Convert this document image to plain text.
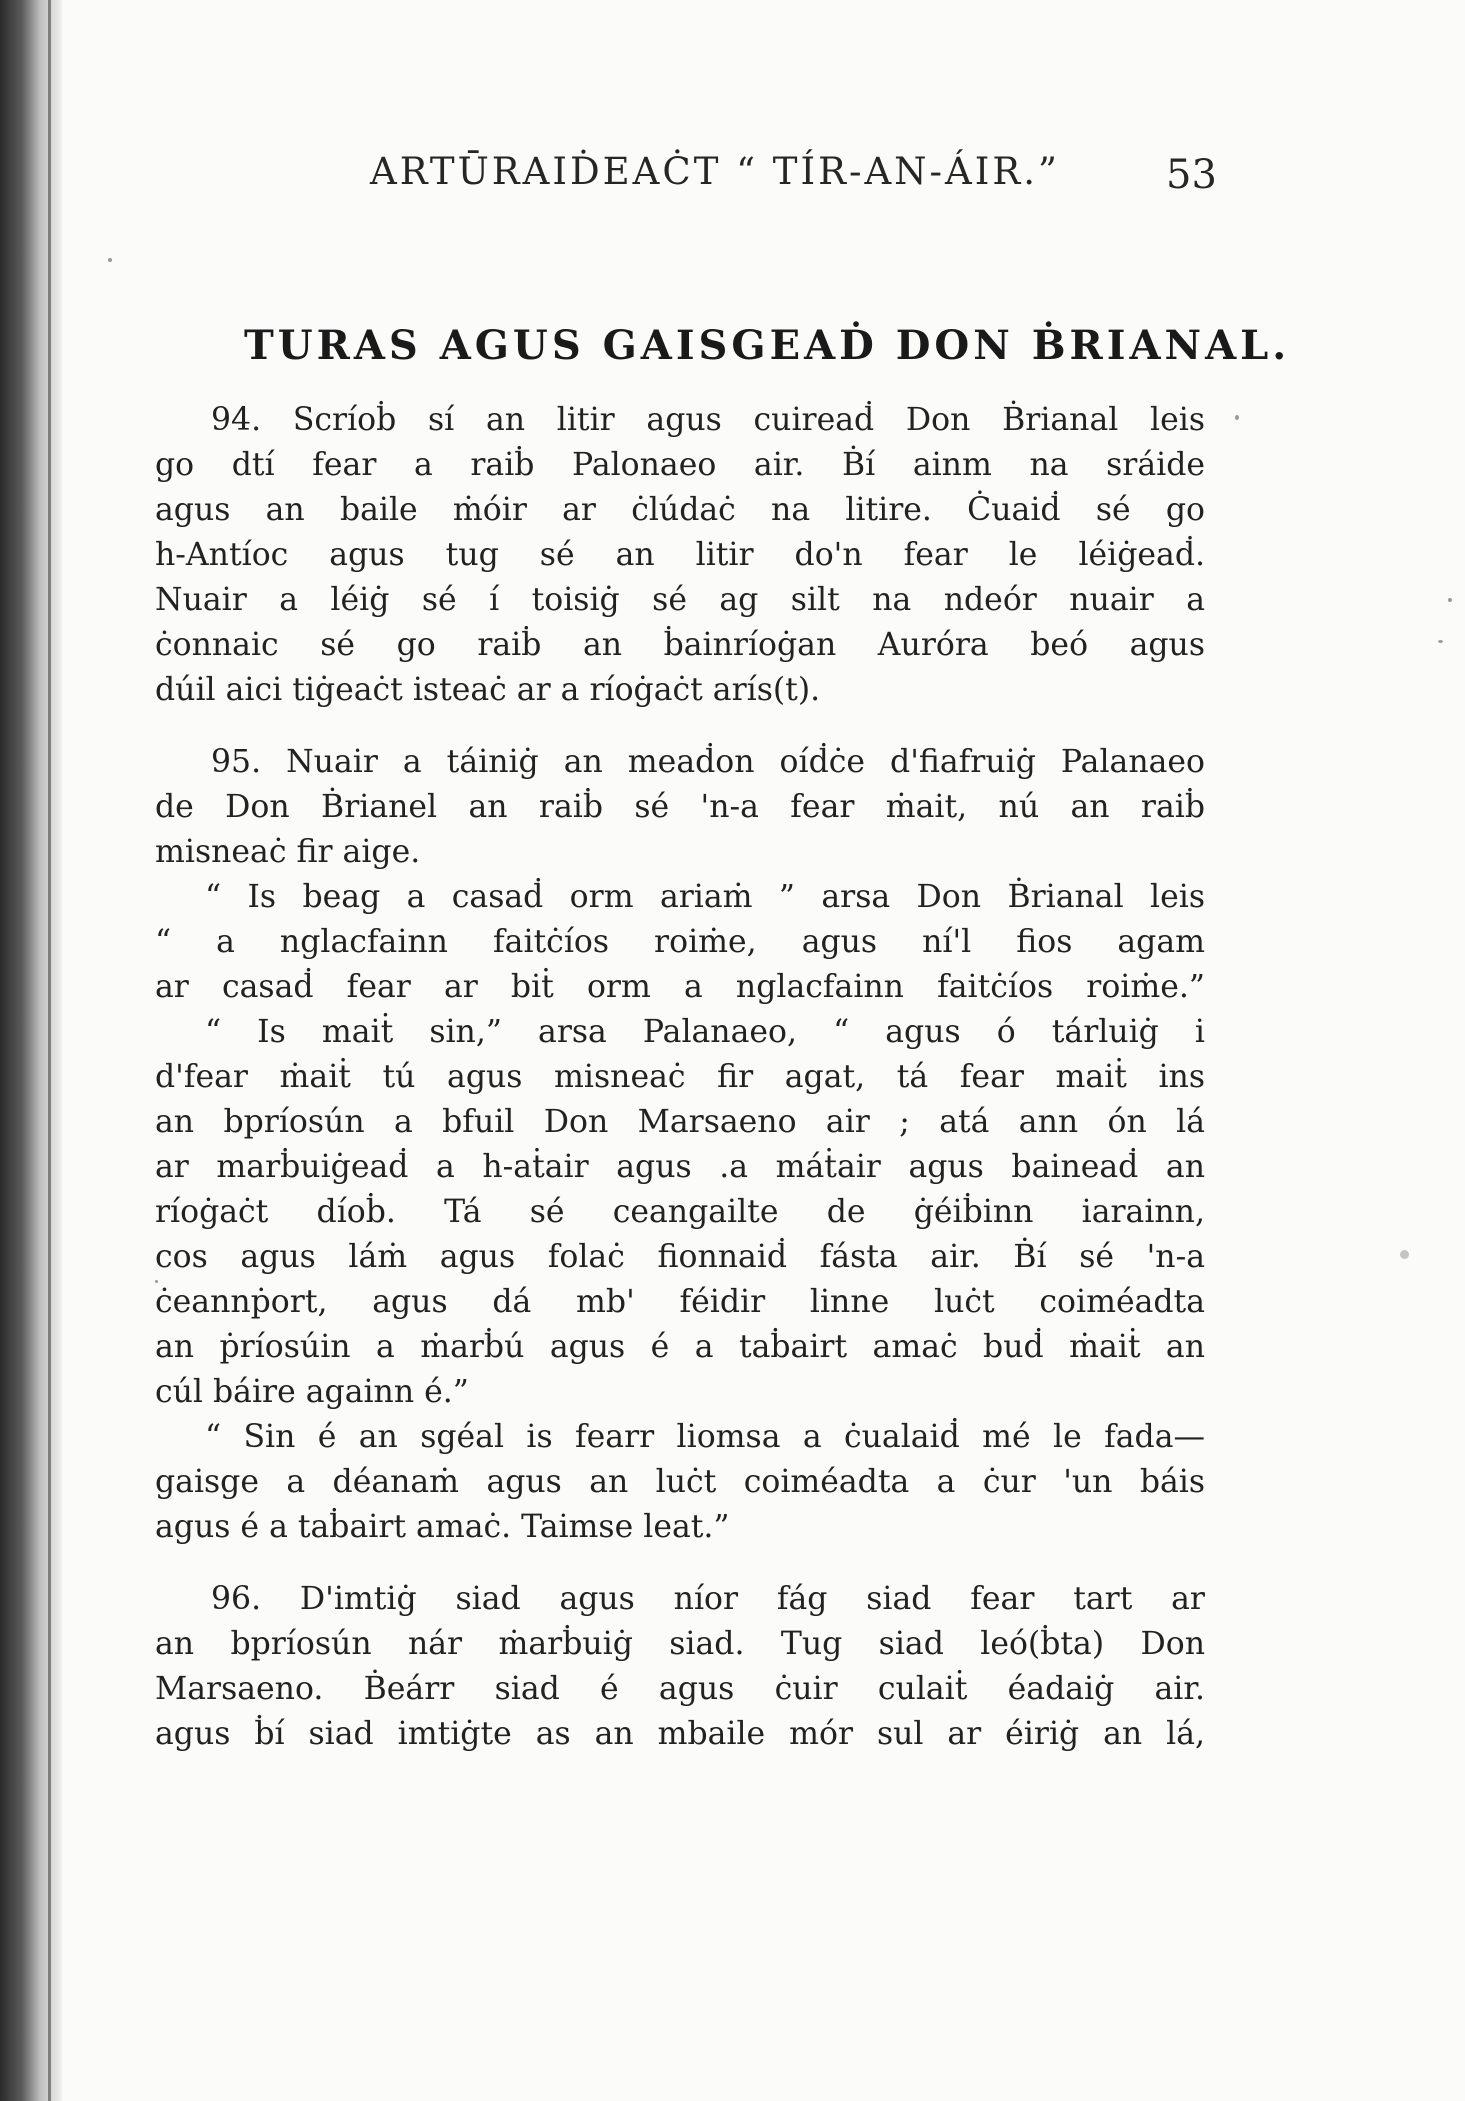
ARTŪRAIḊEAĊT “ TÍR-AN-ÁIR.”	53
TURAS AGUS GAISGEAḊ DON ḂRIANAL.

94. Scríoḃ sí an litir agus cuireaḋ Don Ḃrianal leis
go dtí fear a raiḃ Palonaeo air. Ḃí ainm na sráide
agus an baile ṁóir ar ċlúdaċ na litire. Ċuaiḋ sé go
h-Antíoc agus tug sé an litir do'n fear le léiġeaḋ.
Nuair a léiġ sé í toisiġ sé ag silt na ndeór nuair a
ċonnaic sé go raiḃ an ḃainríoġan Auróra beó agus
dúil aici tiġeaċt isteaċ ar a ríoġaċt arís(t).

95. Nuair a táiniġ an meaḋon oíḋċe d'fiafruiġ Palanaeo
de Don Ḃrianel an raiḃ sé 'n-a fear ṁait, nú an raiḃ
misneaċ fir aige.

“ Is beag a casaḋ orm ariaṁ ” arsa Don Ḃrianal leis
“ a nglacfainn faitċíos roiṁe, agus ní'l fios agam
ar casaḋ fear ar biṫ orm a nglacfainn faitċíos roiṁe.”

“ Is maiṫ sin,” arsa Palanaeo, “ agus ó tárluiġ i
d'fear ṁaiṫ tú agus misneaċ fir agat, tá fear maiṫ ins
an bpríosún a bfuil Don Marsaeno air ; atá ann ón lá
ar marḃuiġeaḋ a h-aṫair agus .a máṫair agus baineaḋ an
ríoġaċt díoḃ. Tá sé ceangailte de ġéiḃinn iarainn,
cos agus láṁ agus folaċ fionnaiḋ fásta air. Ḃí sé 'n-a
ċeannṗort, agus dá mb' féidir linne luċt coiméadta
an ṗríosúin a ṁarḃú agus é a taḃairt amaċ buḋ ṁaiṫ an
cúl báire againn é.”

“ Sin é an sgéal is fearr liomsa a ċualaiḋ mé le fada—
gaisge a déanaṁ agus an luċt coiméadta a ċur 'un báis
agus é a taḃairt amaċ. Taimse leat.”

96. D'imtiġ siad agus níor fág siad fear tart ar
an bpríosún nár ṁarḃuiġ siad. Tug siad leó(ḃta) Don
Marsaeno. Ḃeárr siad é agus ċuir culaiṫ éadaiġ air.
agus ḃí siad imtiġte as an mbaile mór sul ar éiriġ an lá,
